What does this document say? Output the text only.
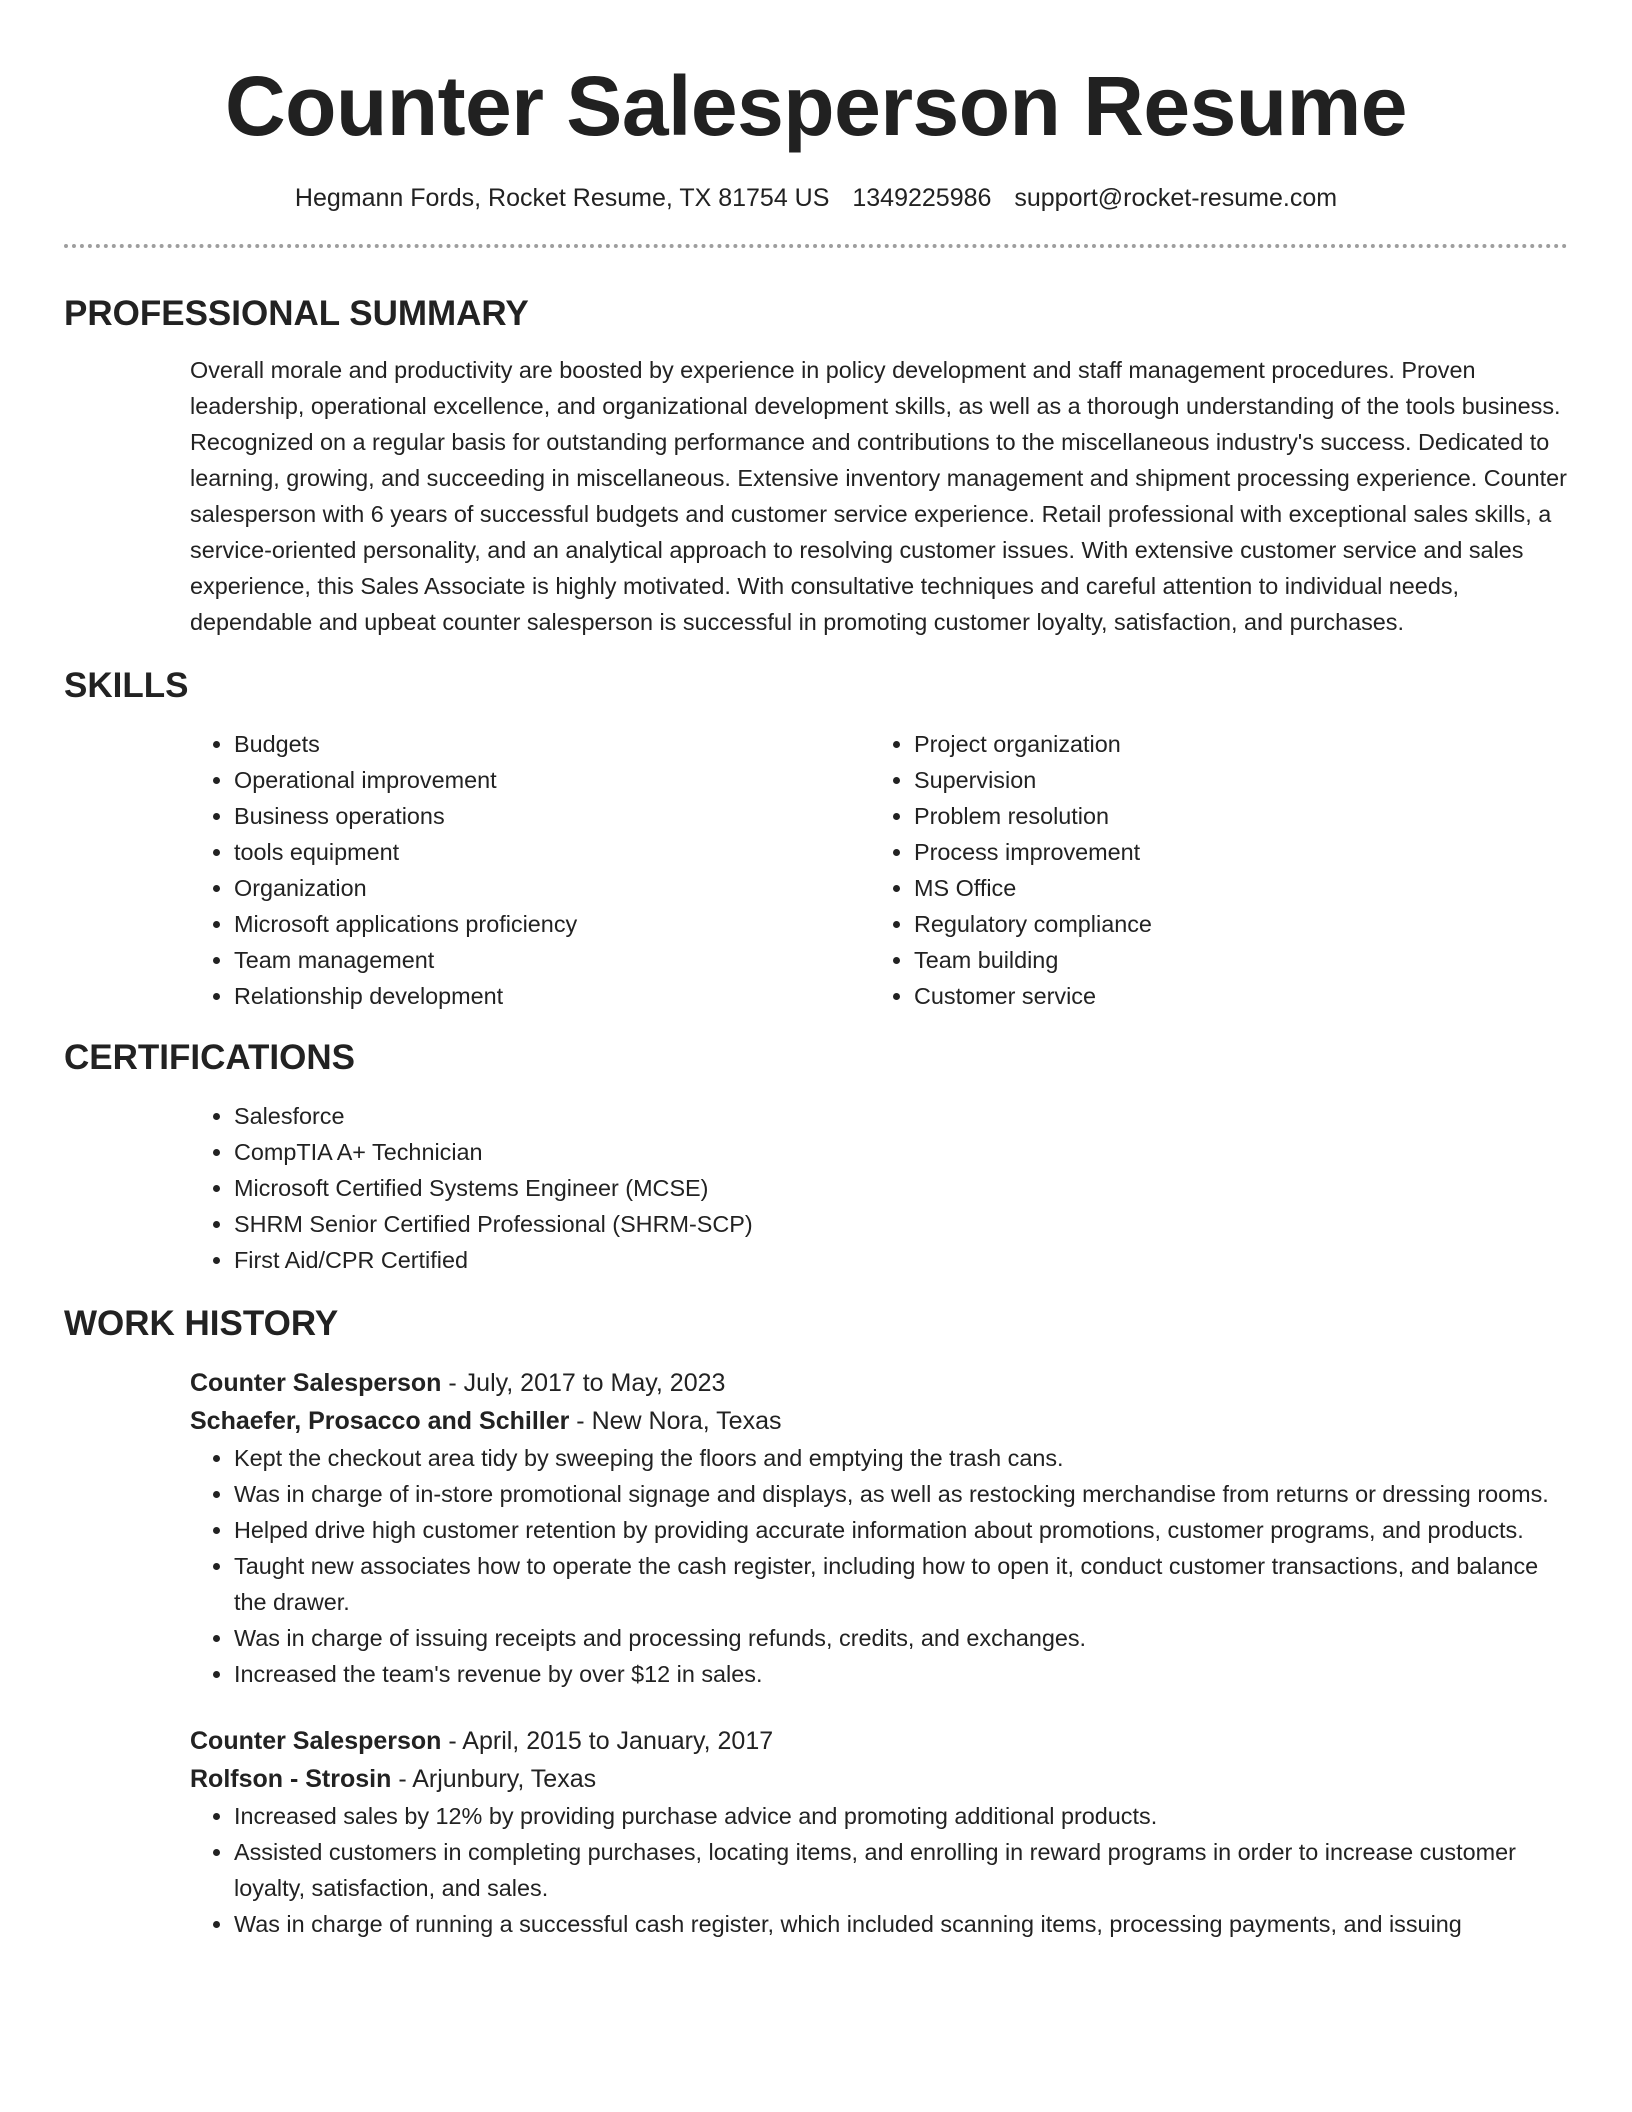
Counter Salesperson Resume
Hegmann Fords, Rocket Resume, TX 81754 US 1349225986 support@rocket-resume.com
PROFESSIONAL SUMMARY

Overall morale and productivity are boosted by experience in policy development and staff management procedures. Proven leadership, operational excellence, and organizational development skills, as well as a thorough understanding of the tools business. Recognized on a regular basis for outstanding performance and contributions to the miscellaneous industry's success. Dedicated to learning, growing, and succeeding in miscellaneous. Extensive inventory management and shipment processing experience. Counter salesperson with 6 years of successful budgets and customer service experience. Retail professional with exceptional sales skills, a service-oriented personality, and an analytical approach to resolving customer issues. With extensive customer service and sales experience, this Sales Associate is highly motivated. With consultative techniques and careful attention to individual needs, dependable and upbeat counter salesperson is successful in promoting customer loyalty, satisfaction, and purchases.

SKILLS
• Budgets
• Operational improvement
• Business operations
• tools equipment
• Organization
• Microsoft applications proficiency
• Team management
• Relationship development
• Project organization
• Supervision
• Problem resolution
• Process improvement
• MS Office
• Regulatory compliance
• Team building
• Customer service
CERTIFICATIONS
• Salesforce
• CompTIA A+ Technician
• Microsoft Certified Systems Engineer (MCSE)
• SHRM Senior Certified Professional (SHRM-SCP)
• First Aid/CPR Certified
WORK HISTORY
Counter Salesperson - July, 2017 to May, 2023
Schaefer, Prosacco and Schiller - New Nora, Texas
• Kept the checkout area tidy by sweeping the floors and emptying the trash cans.
• Was in charge of in-store promotional signage and displays, as well as restocking merchandise from returns or dressing rooms.
• Helped drive high customer retention by providing accurate information about promotions, customer programs, and products.
• Taught new associates how to operate the cash register, including how to open it, conduct customer transactions, and balance the drawer.
• Was in charge of issuing receipts and processing refunds, credits, and exchanges.
• Increased the team's revenue by over $12 in sales.
Counter Salesperson - April, 2015 to January, 2017
Rolfson - Strosin - Arjunbury, Texas
• Increased sales by 12% by providing purchase advice and promoting additional products.
• Assisted customers in completing purchases, locating items, and enrolling in reward programs in order to increase customer loyalty, satisfaction, and sales.
• Was in charge of running a successful cash register, which included scanning items, processing payments, and issuing
